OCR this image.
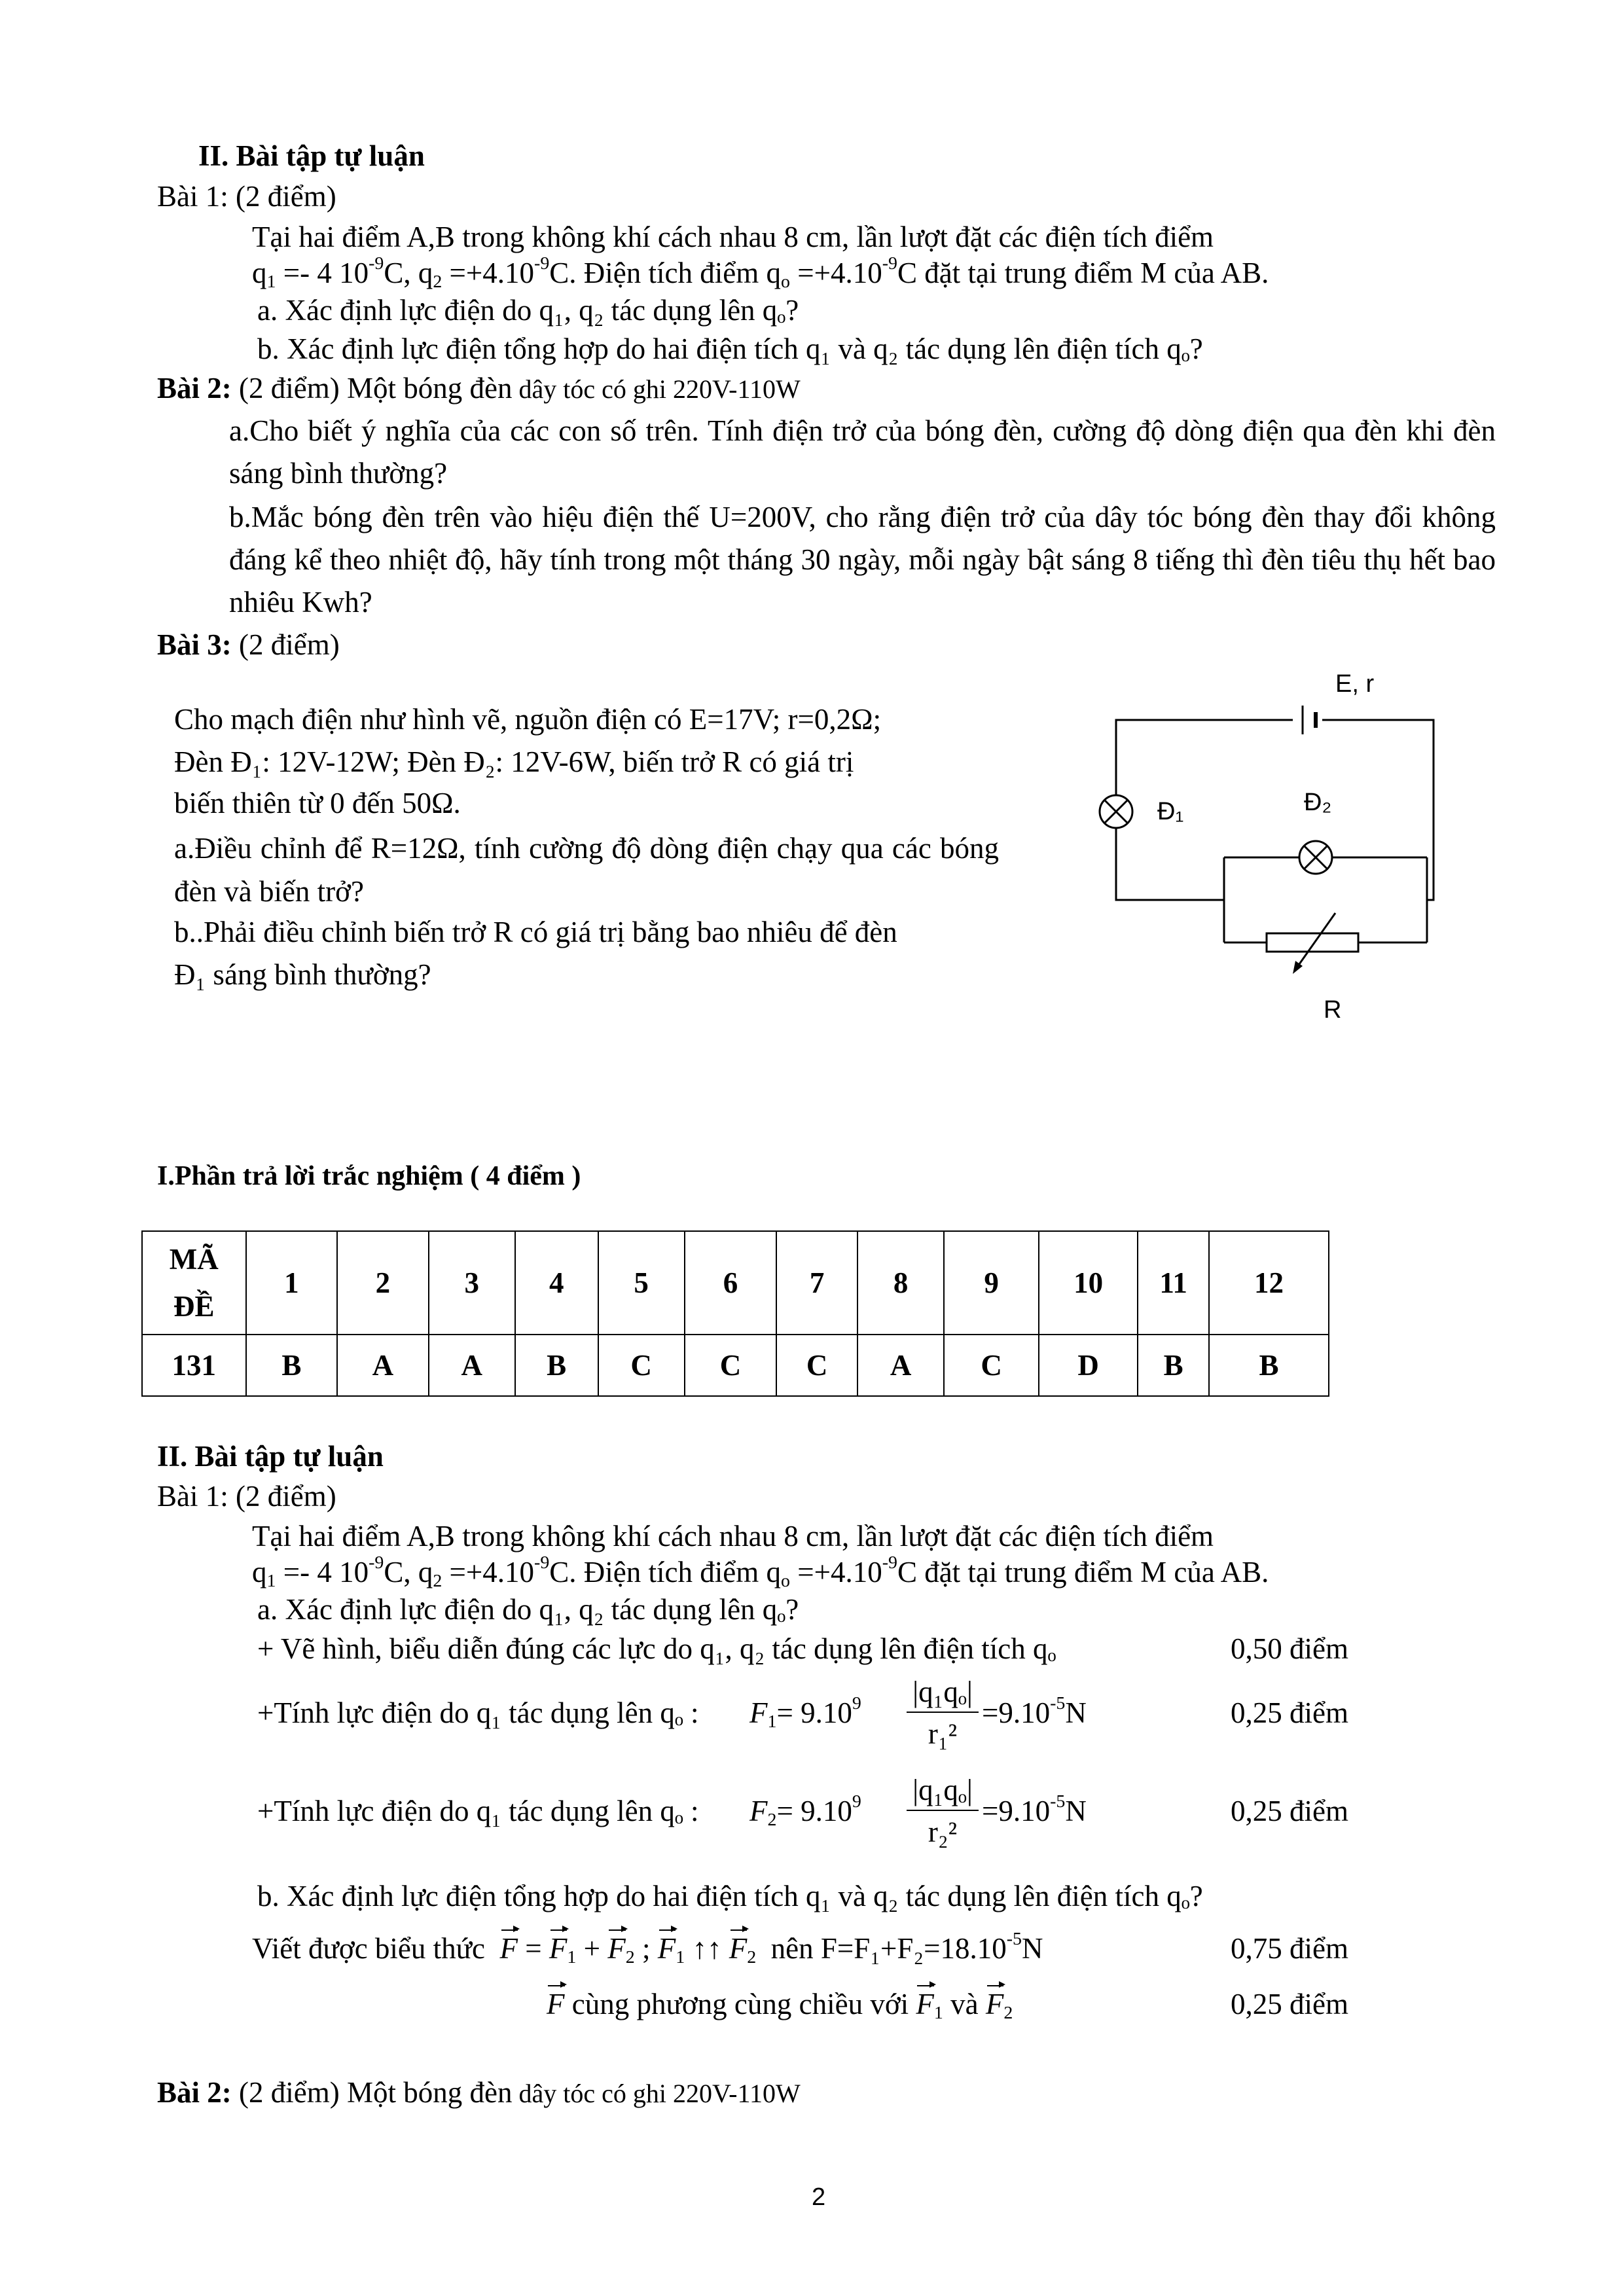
II. Bài tập tự luận
Bài 1: (2 điểm)
Tại hai điểm A,B trong không khí cách nhau 8 cm, lần lượt đặt các điện tích điểm
$q_1 =- 4$ $10^{-9}C$, $q_2 =+4.10^{-9}C$. Điện tích điểm $q_o =+4.10^{-9}C$ đặt tại trung điểm M của AB.
a. Xác định lực điện do q₁, q₂ tác dụng lên qₒ?
b. Xác định lực điện tổng hợp do hai điện tích q₁ và q₂ tác dụng lên điện tích qₒ?
Bài 2: (2 điểm) Một bóng đèn dây tóc có ghi 220V-110W
a.Cho biết ý nghĩa của các con số trên. Tính điện trở của bóng đèn, cường độ dòng điện qua đèn khi đèn sáng bình thường?
b.Mắc bóng đèn trên vào hiệu điện thế U=200V, cho rằng điện trở của dây tóc bóng đèn thay đổi không đáng kể theo nhiệt độ, hãy tính trong một tháng 30 ngày, mỗi ngày bật sáng 8 tiếng thì đèn tiêu thụ hết bao nhiêu Kwh?
Bài 3: (2 điểm)
Cho mạch điện như hình vẽ, nguồn điện có E=17V; r=0,2Ω;
Đèn Đ₁: 12V-12W; Đèn Đ₂: 12V-6W, biến trở R có giá trị
biến thiên từ 0 đến 50Ω.
a.Điều chỉnh để R=12Ω, tính cường độ dòng điện chạy qua các bóng đèn và biến trở?
b..Phải điều chỉnh biến trở R có giá trị bằng bao nhiêu để đèn
Đ₁ sáng bình thường?
E, r
Đ₁	Đ₂
R
I.Phần trả lời trắc nghiệm ( 4 điểm )
MÃ
ĐỀ	1	2	3	4	5	6	7	8	9	10	11	12
131	B	A	A	B	C	C	C	A	C	D	B	B
II. Bài tập tự luận
Bài 1: (2 điểm)
Tại hai điểm A,B trong không khí cách nhau 8 cm, lần lượt đặt các điện tích điểm
$q_1 =- 4$ $10^{-9}C$, $q_2 =+4.10^{-9}C$. Điện tích điểm $q_o =+4.10^{-9}C$ đặt tại trung điểm M của AB.
a. Xác định lực điện do q₁, q₂ tác dụng lên qₒ?
+ Vẽ hình, biểu diễn đúng các lực do q₁, q₂ tác dụng lên điện tích qₒ	0,50 điểm
+Tính lực điện do q₁ tác dụng lên qₒ : $F_1= 9.10^9$	|q₁qₒ|
r₁²
$=9.10^{-5}N$	0,25 điểm
+Tính lực điện do q₁ tác dụng lên qₒ : $F_2= 9.10^9$	|q₁qₒ|
r₂²
$=9.10^{-5}N$	0,25 điểm
b. Xác định lực điện tổng hợp do hai điện tích q₁ và q₂ tác dụng lên điện tích qₒ?
Viết được biểu thức $F = F_1 + F_2$ ; $F_1$ ↑↑ $F_2$ nên $F=F_1+F_2=18.10^{-5}N$	0,75 điểm
F cùng phương cùng chiều với $F_1$ và $F_2$	0,25 điểm
Bài 2: (2 điểm) Một bóng đèn dây tóc có ghi 220V-110W
2
